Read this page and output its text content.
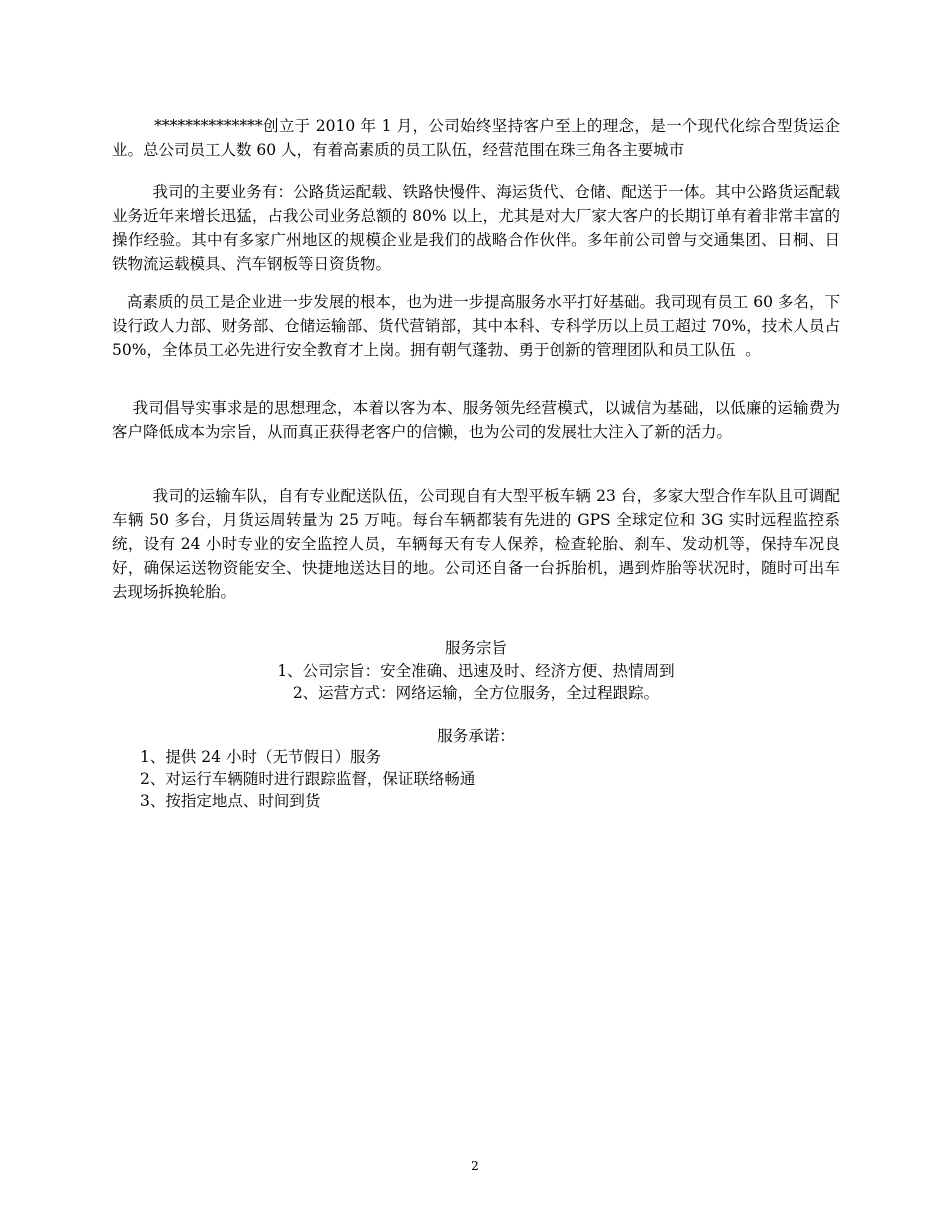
**************创立于 2010 年 1 月，公司始终坚持客户至上的理念，是一个现代化综合型货运企业。总公司员工人数 60 人，有着高素质的员工队伍，经营范围在珠三角各主要城市

我司的主要业务有：公路货运配载、铁路快慢件、海运货代、仓储、配送于一体。其中公路货运配载业务近年来增长迅猛，占我公司业务总额的 80% 以上，尤其是对大厂家大客户的长期订单有着非常丰富的操作经验。其中有多家广州地区的规模企业是我们的战略合作伙伴。多年前公司曾与交通集团、日桐、日铁物流运载模具、汽车钢板等日资货物。

高素质的员工是企业进一步发展的根本，也为进一步提高服务水平打好基础。我司现有员工 60 多名，下设行政人力部、财务部、仓储运输部、货代营销部，其中本科、专科学历以上员工超过 70%，技术人员占 50%，全体员工必先进行安全教育才上岗。拥有朝气蓬勃、勇于创新的管理团队和员工队伍  。

我司倡导实事求是的思想理念，本着以客为本、服务领先经营模式，以诚信为基础，以低廉的运输费为客户降低成本为宗旨，从而真正获得老客户的信懒，也为公司的发展壮大注入了新的活力。

我司的运输车队，自有专业配送队伍，公司现自有大型平板车辆 23 台，多家大型合作车队且可调配车辆 50 多台，月货运周转量为 25 万吨。每台车辆都装有先进的 GPS 全球定位和 3G 实时远程监控系统，设有 24 小时专业的安全监控人员，车辆每天有专人保养，检查轮胎、刹车、发动机等，保持车况良好，确保运送物资能安全、快捷地送达目的地。公司还自备一台拆胎机，遇到炸胎等状况时，随时可出车去现场拆换轮胎。

服务宗旨

1、公司宗旨：安全准确、迅速及时、经济方便、热情周到

2、运营方式：网络运输，全方位服务，全过程跟踪。

服务承诺：

1、提供 24 小时（无节假日）服务

2、对运行车辆随时进行跟踪监督，保证联络畅通

3、按指定地点、时间到货

2
